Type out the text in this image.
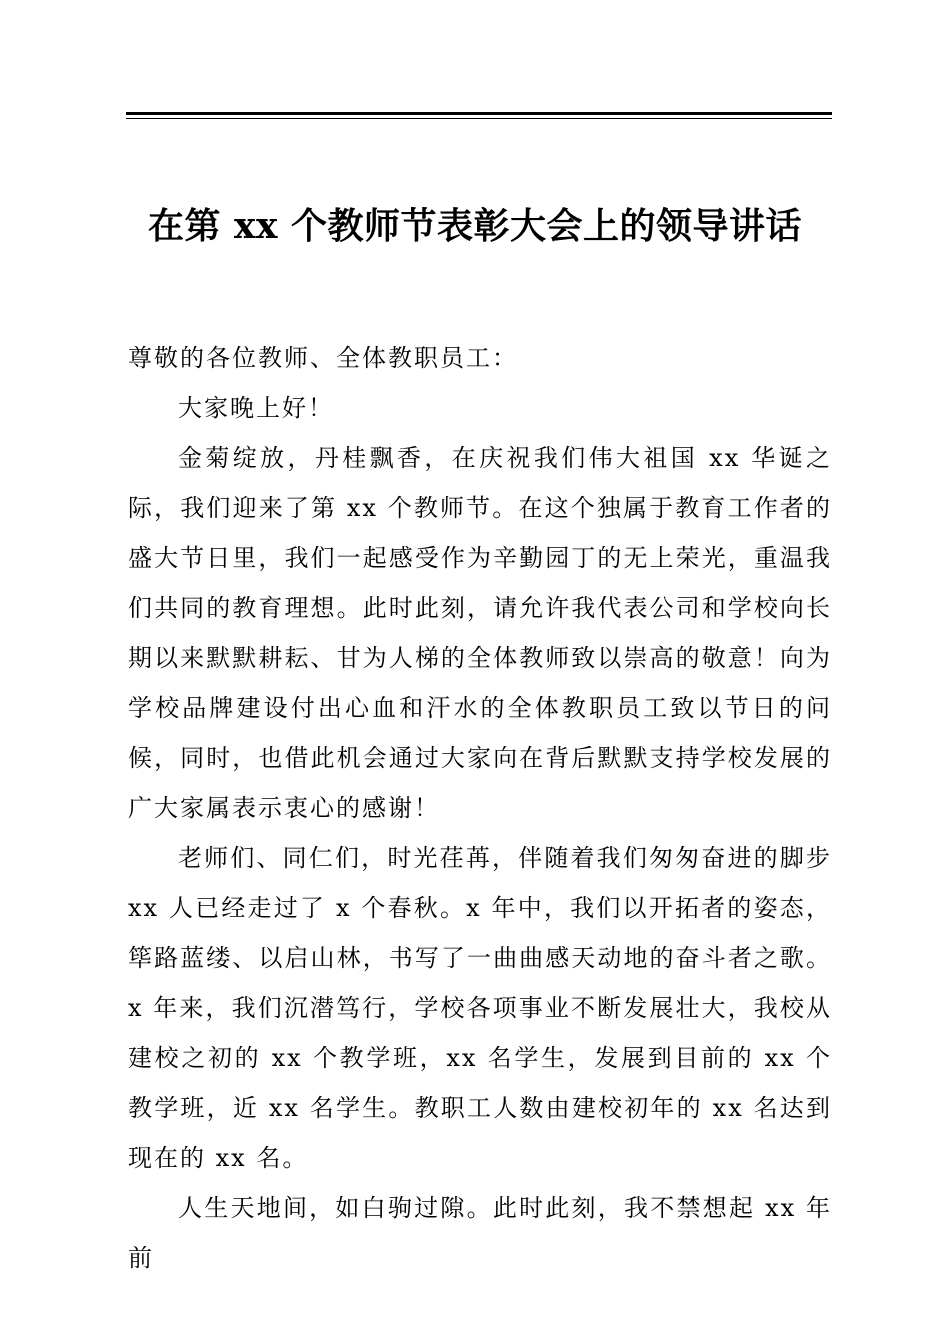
在第 xx 个教师节表彰大会上的领导讲话

尊敬的各位教师、全体教职员工：

大家晚上好！

金菊绽放，丹桂飘香，在庆祝我们伟大祖国 xx 华诞之际，我们迎来了第 xx 个教师节。在这个独属于教育工作者的盛大节日里，我们一起感受作为辛勤园丁的无上荣光，重温我们共同的教育理想。此时此刻，请允许我代表公司和学校向长期以来默默耕耘、甘为人梯的全体教师致以崇高的敬意！向为学校品牌建设付出心血和汗水的全体教职员工致以节日的问候，同时，也借此机会通过大家向在背后默默支持学校发展的广大家属表示衷心的感谢！

老师们、同仁们，时光荏苒，伴随着我们匆匆奋进的脚步 xx 人已经走过了 x 个春秋。x 年中，我们以开拓者的姿态，筚路蓝缕、以启山林，书写了一曲曲感天动地的奋斗者之歌。x 年来，我们沉潜笃行，学校各项事业不断发展壮大，我校从建校之初的 xx 个教学班，xx 名学生，发展到目前的 xx 个教学班，近 xx 名学生。教职工人数由建校初年的 xx 名达到现在的 xx 名。

人生天地间，如白驹过隙。此时此刻，我不禁想起 xx 年前
